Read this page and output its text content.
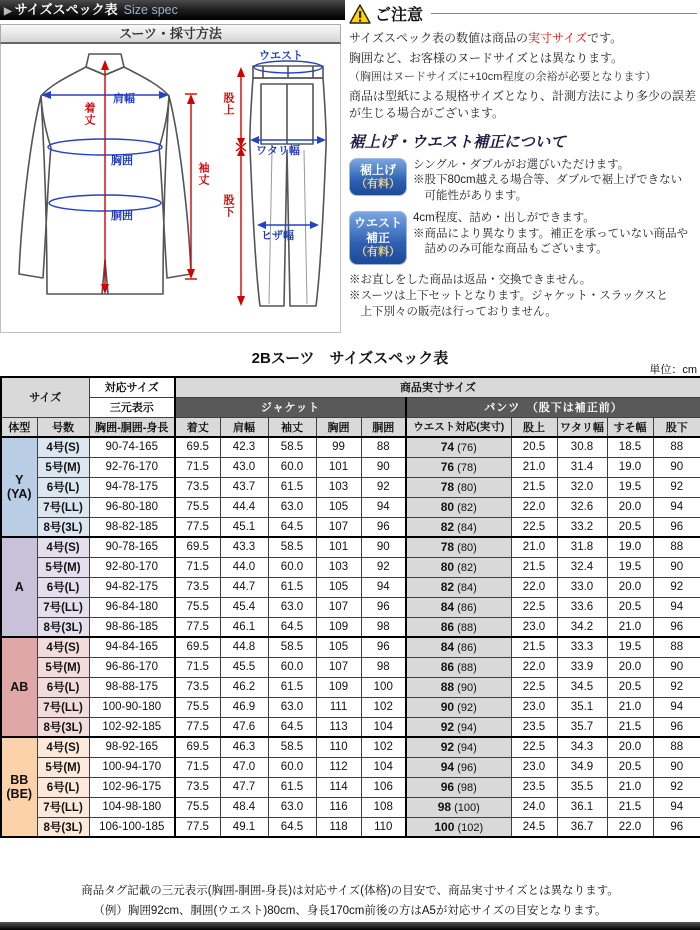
▶ サイズスペック表 Size spec
スーツ・採寸方法
肩幅
着丈
胸囲
胴囲
袖丈
ウエスト
股上
ワタリ幅
股下
ヒザ幅
ご注意

サイズスペック表の数値は商品の実寸サイズです。

胸囲など、お客様のヌードサイズとは異なります。

（胸囲はヌードサイズに+10cm程度の余裕が必要となります）

商品は型紙による規格サイズとなり、計測方法により多少の誤差が生じる場合がございます。

裾上げ・ウエスト補正について
裾上げ
（有料）
シングル・ダブルがお選びいただけます。
※股下80cm越える場合等、ダブルで裾上げできない
　可能性があります。
ウエスト
補正
（有料）
4cm程度、詰め・出しができます。
※商品により異なります。補正を承っていない商品や
　詰めのみ可能な商品もございます。
※お直しをした商品は返品・交換できません。
※スーツは上下セットとなります。ジャケット・スラックスと
　上下別々の販売は行っておりません。
2Bスーツ　サイズスペック表
単位：cm
サイズ		対応サイズ	商品実寸サイズ									
		三元表示	ジャケット					パンツ　（股下は補正前）				
体型	号数	胸囲-胴囲-身長	着丈	肩幅	袖丈	胸囲	胴囲	ウエスト対応(実寸)	股上	ワタリ幅	すそ幅	股下
Y
(YA)	4号(S)	90-74-165	69.5	42.3	58.5	99	88	74 (76)	20.5	30.8	18.5	88
	5号(M)	92-76-170	71.5	43.0	60.0	101	90	76 (78)	21.0	31.4	19.0	90
	6号(L)	94-78-175	73.5	43.7	61.5	103	92	78 (80)	21.5	32.0	19.5	92
	7号(LL)	96-80-180	75.5	44.4	63.0	105	94	80 (82)	22.0	32.6	20.0	94
	8号(3L)	98-82-185	77.5	45.1	64.5	107	96	82 (84)	22.5	33.2	20.5	96
A	4号(S)	90-78-165	69.5	43.3	58.5	101	90	78 (80)	21.0	31.8	19.0	88
	5号(M)	92-80-170	71.5	44.0	60.0	103	92	80 (82)	21.5	32.4	19.5	90
	6号(L)	94-82-175	73.5	44.7	61.5	105	94	82 (84)	22.0	33.0	20.0	92
	7号(LL)	96-84-180	75.5	45.4	63.0	107	96	84 (86)	22.5	33.6	20.5	94
	8号(3L)	98-86-185	77.5	46.1	64.5	109	98	86 (88)	23.0	34.2	21.0	96
AB	4号(S)	94-84-165	69.5	44.8	58.5	105	96	84 (86)	21.5	33.3	19.5	88
	5号(M)	96-86-170	71.5	45.5	60.0	107	98	86 (88)	22.0	33.9	20.0	90
	6号(L)	98-88-175	73.5	46.2	61.5	109	100	88 (90)	22.5	34.5	20.5	92
	7号(LL)	100-90-180	75.5	46.9	63.0	111	102	90 (92)	23.0	35.1	21.0	94
	8号(3L)	102-92-185	77.5	47.6	64.5	113	104	92 (94)	23.5	35.7	21.5	96
BB
(BE)	4号(S)	98-92-165	69.5	46.3	58.5	110	102	92 (94)	22.5	34.3	20.0	88
	5号(M)	100-94-170	71.5	47.0	60.0	112	104	94 (96)	23.0	34.9	20.5	90
	6号(L)	102-96-175	73.5	47.7	61.5	114	106	96 (98)	23.5	35.5	21.0	92
	7号(LL)	104-98-180	75.5	48.4	63.0	116	108	98 (100)	24.0	36.1	21.5	94
	8号(3L)	106-100-185	77.5	49.1	64.5	118	110	100 (102)	24.5	36.7	22.0	96
商品タグ記載の三元表示(胸囲-胴囲-身長)は対応サイズ(体格)の目安で、商品実寸サイズとは異なります。
（例）胸囲92cm、胴囲(ウエスト)80cm、身長170cm前後の方はA5が対応サイズの目安となります。
